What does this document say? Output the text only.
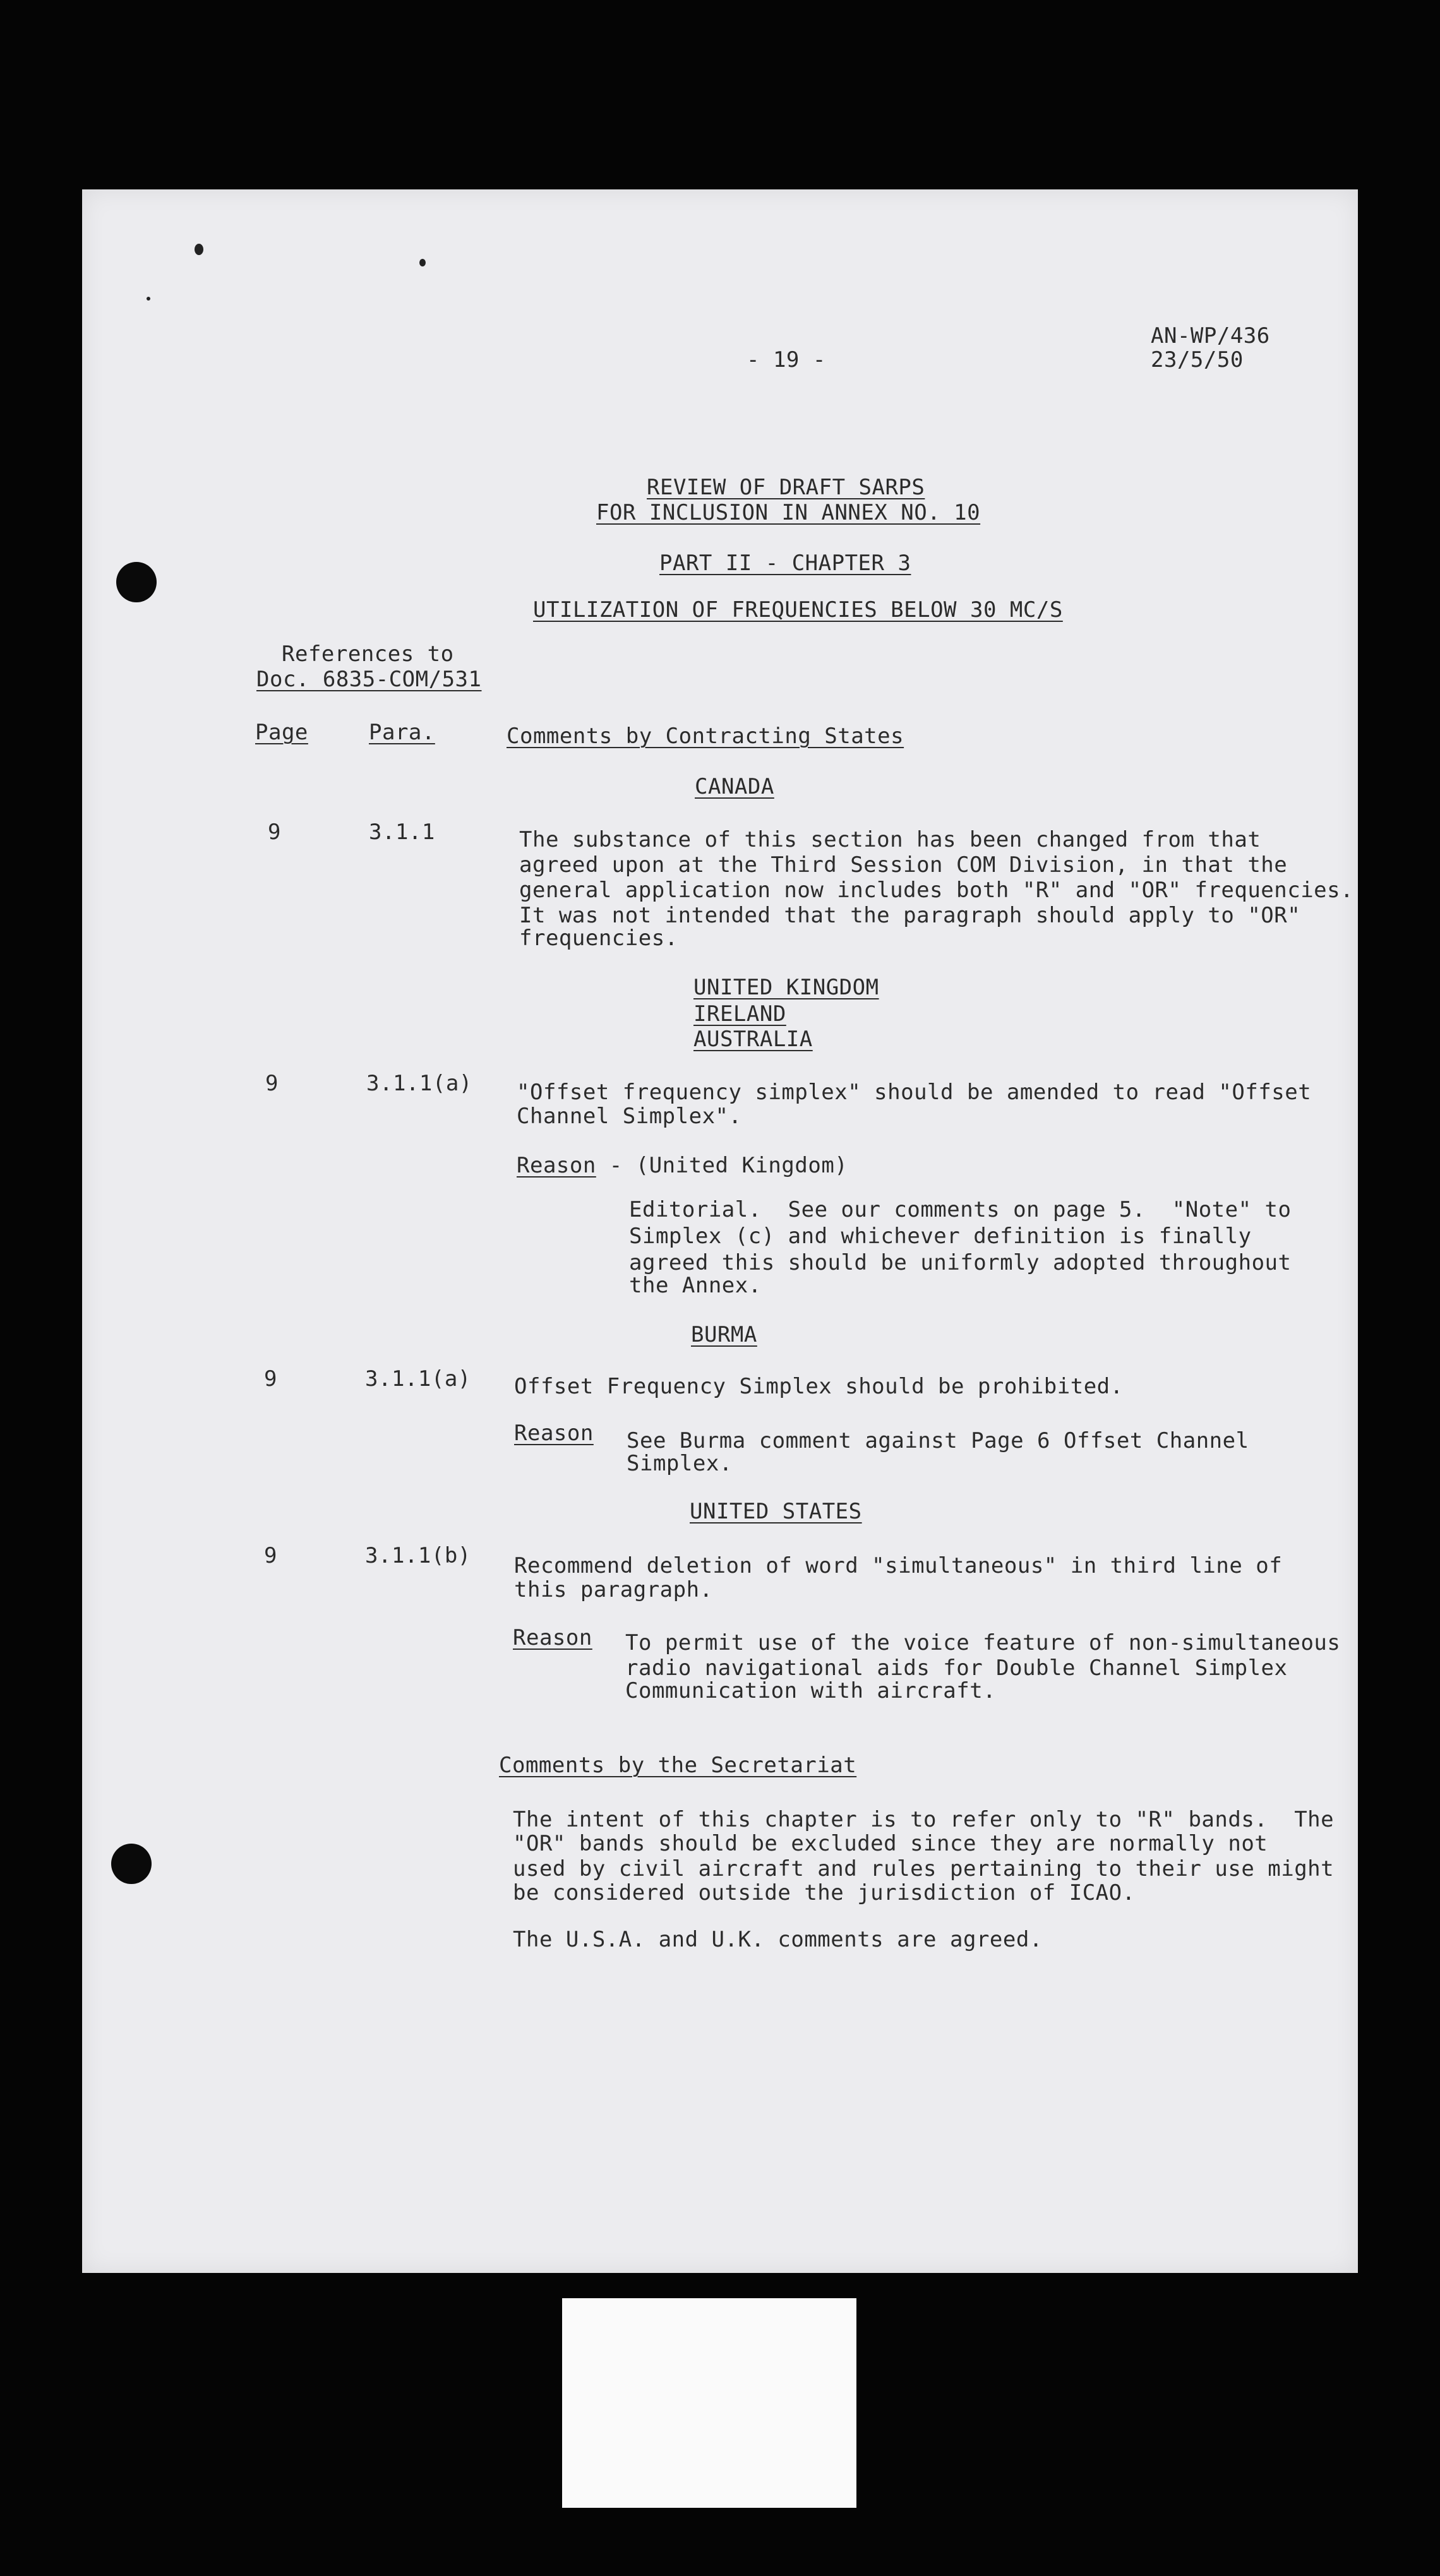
- 19 -
AN-WP/436
23/5/50
REVIEW OF DRAFT SARPS
FOR INCLUSION IN ANNEX NO. 10
PART II - CHAPTER 3
UTILIZATION OF FREQUENCIES BELOW 30 MC/S
References to
Doc. 6835-COM/531
Page	Para.	Comments by Contracting States
CANADA
9	3.1.1	The substance of this section has been changed from that
agreed upon at the Third Session COM Division, in that the
general application now includes both "R" and "OR" frequencies.
It was not intended that the paragraph should apply to "OR"
frequencies.
UNITED KINGDOM
IRELAND
AUSTRALIA
9	3.1.1(a) "Offset frequency simplex" should be amended to read "Offset
Channel Simplex".
Reason - (United Kingdom)
Editorial.  See our comments on page 5.  "Note" to
Simplex (c) and whichever definition is finally
agreed this should be uniformly adopted throughout
the Annex.
BURMA
9	3.1.1(a) Offset Frequency Simplex should be prohibited.
Reason See Burma comment against Page 6 Offset Channel
Simplex.
UNITED STATES
9	3.1.1(b) Recommend deletion of word "simultaneous" in third line of
this paragraph.
Reason To permit use of the voice feature of non-simultaneous
radio navigational aids for Double Channel Simplex
Communication with aircraft.
Comments by the Secretariat
The intent of this chapter is to refer only to "R" bands.  The
"OR" bands should be excluded since they are normally not
used by civil aircraft and rules pertaining to their use might
be considered outside the jurisdiction of ICAO.
The U.S.A. and U.K. comments are agreed.
